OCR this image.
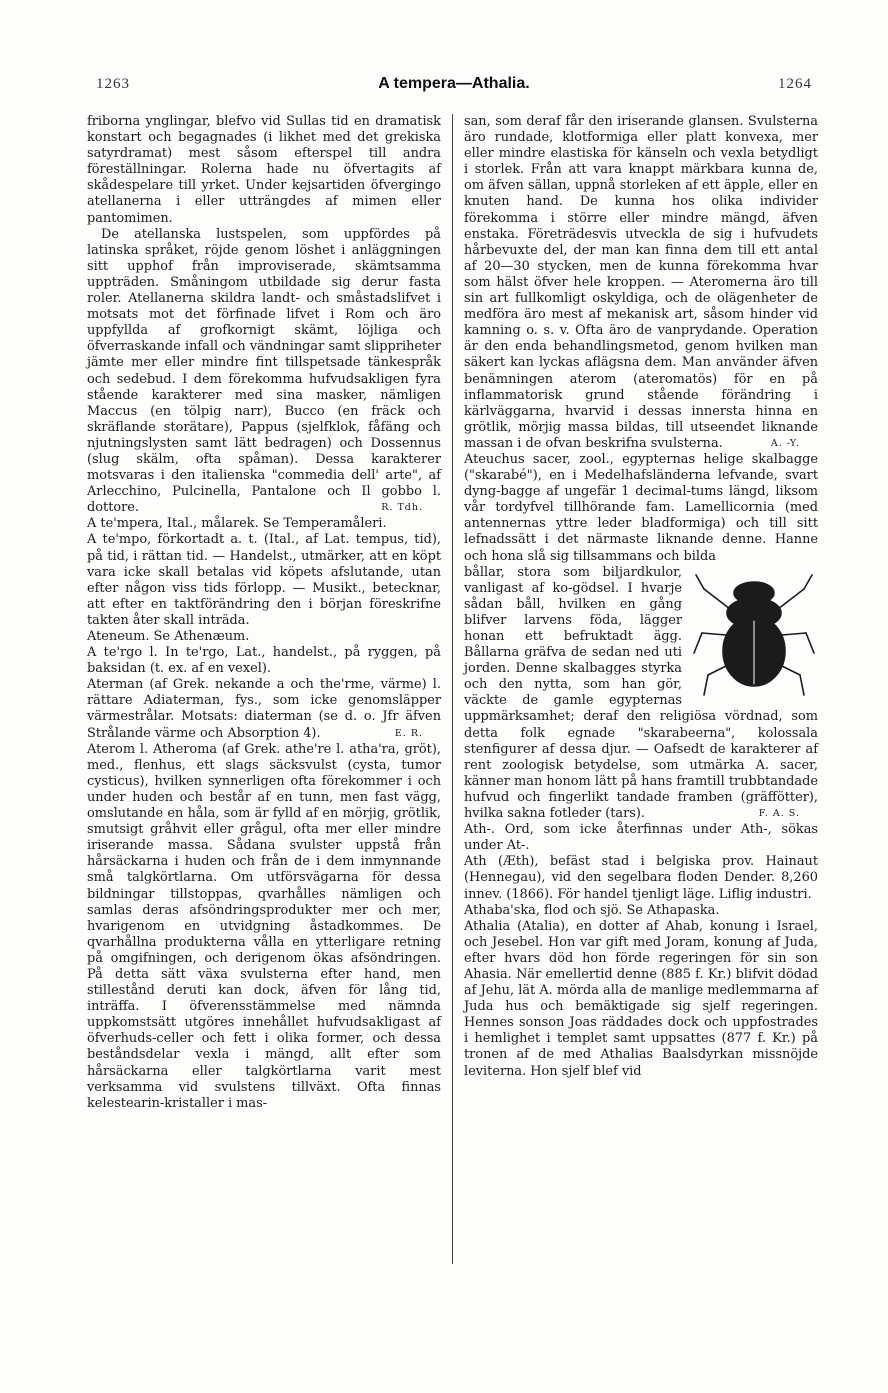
1263	A tempera—Athalia.	1264

friborna ynglingar, blefvo vid Sullas tid en dramatisk konstart och begagnades (i likhet med det grekiska satyrdramat) mest såsom efterspel till andra föreställningar. Rolerna hade nu öfvertagits af skådespelare till yrket. Under kejsartiden öfvergingo atellanerna i eller utträngdes af mimen eller pantomimen.

De atellanska lustspelen, som uppfördes på latinska språket, röjde genom löshet i anläggningen sitt upphof från improviserade, skämtsamma uppträden. Småningom utbildade sig derur fasta roler. Atellanerna skildra landt- och småstadslifvet i motsats mot det förfinade lifvet i Rom och äro uppfyllda af grofkornigt skämt, löjliga och öfverraskande infall och vändningar samt slippriheter jämte mer eller mindre fint tillspetsade tänkespråk och sedebud. I dem förekomma hufvudsakligen fyra stående karakterer med sina masker, nämligen Maccus (en tölpig narr), Bucco (en fräck och skräflande storätare), Pappus (sjelfklok, fåfäng och njutningslysten samt lätt bedragen) och Dossennus (slug skälm, ofta spåman). Dessa karakterer motsvaras i den italienska "commedia dell' arte", af Arlecchino, Pulcinella, Pantalone och Il gobbo l. dottore.	R. Tdh.

A te'mpera, Ital., målarek. Se Temperamåleri.

A te'mpo, förkortadt a. t. (Ital., af Lat. tempus, tid), på tid, i rättan tid. — Handelst., utmärker, att en köpt vara icke skall betalas vid köpets afslutande, utan efter någon viss tids förlopp. — Musikt., betecknar, att efter en taktförändring den i början föreskrifne takten åter skall inträda.

Ateneum. Se Athenæum.

A te'rgo l. In te'rgo, Lat., handelst., på ryggen, på baksidan (t. ex. af en vexel).

Aterman (af Grek. nekande a och the'rme, värme) l. rättare Adiaterman, fys., som icke genomsläpper värmestrålar. Motsats: diaterman (se d. o. Jfr äfven Strålande värme och Absorption 4).	E. R.

Aterom l. Atheroma (af Grek. athe're l. atha'ra, gröt), med., flenhus, ett slags säcksvulst (cysta, tumor cysticus), hvilken synnerligen ofta förekommer i och under huden och består af en tunn, men fast vägg, omslutande en håla, som är fylld af en mörjig, grötlik, smutsigt gråhvit eller grågul, ofta mer eller mindre iriserande massa. Sådana svulster uppstå från hårsäckarna i huden och från de i dem inmynnande små talgkörtlarna. Om utförsvägarna för dessa bildningar tillstoppas, qvarhålles nämligen och samlas deras afsöndringsprodukter mer och mer, hvarigenom en utvidgning åstadkommes. De qvarhållna produkterna vålla en ytterligare retning på omgifningen, och derigenom ökas afsöndringen. På detta sätt växa svulsterna efter hand, men stillestånd deruti kan dock, äfven för lång tid, inträffa. I öfverensstämmelse med nämnda uppkomstsätt utgöres innehållet hufvudsakligast af öfverhuds-celler och fett i olika former, och dessa beståndsdelar vexla i mängd, allt efter som hårsäckarna eller talgkörtlarna varit mest verksamma vid svulstens tillväxt. Ofta finnas kelestearin-kristaller i mas-

san, som deraf får den iriserande glansen. Svulsterna äro rundade, klotformiga eller platt konvexa, mer eller mindre elastiska för känseln och vexla betydligt i storlek. Från att vara knappt märkbara kunna de, om äfven sällan, uppnå storleken af ett äpple, eller en knuten hand. De kunna hos olika individer förekomma i större eller mindre mängd, äfven enstaka. Företrädesvis utveckla de sig i hufvudets hårbevuxte del, der man kan finna dem till ett antal af 20—30 stycken, men de kunna förekomma hvar som hälst öfver hele kroppen. — Ateromerna äro till sin art fullkomligt oskyldiga, och de olägenheter de medföra äro mest af mekanisk art, såsom hinder vid kamning o. s. v. Ofta äro de vanprydande. Operation är den enda behandlingsmetod, genom hvilken man säkert kan lyckas aflägsna dem. Man använder äfven benämningen aterom (ateromatös) för en på inflammatorisk grund stående förändring i kärlväggarna, hvarvid i dessas innersta hinna en grötlik, mörjig massa bildas, till utseendet liknande massan i de ofvan beskrifna svulsterna.	A. -Y.

Ateuchus sacer, zool., egypternas helige skalbagge ("skarabé"), en i Medelhafsländerna lefvande, svart dyng-bagge af ungefär 1 decimal-tums längd, liksom vår tordyfvel tillhörande fam. Lamellicornia (med antennernas yttre leder bladformiga) och till sitt lefnadssätt i det närmaste liknande denne. Hanne och hona slå sig tillsammans och bilda

bållar, stora som biljardkulor, vanligast af ko-gödsel. I hvarje sådan båll, hvilken en gång blifver larvens föda, lägger honan ett befruktadt ägg. Bållarna gräfva de sedan ned uti jorden. Denne skalbagges styrka och den nytta, som han gör, väckte de gamle egypternas uppmärksamhet; deraf den religiösa vördnad, som detta folk egnade "skarabeerna", kolossala stenfigurer af dessa djur. — Oafsedt de karakterer af rent zoologisk betydelse, som utmärka A. sacer, känner man honom lätt på hans framtill trubbtandade hufvud och fingerlikt tandade framben (gräffötter), hvilka sakna fotleder (tars).	F. A. S.

Ath-. Ord, som icke återfinnas under Ath-, sökas under At-.

Ath (Æth), befäst stad i belgiska prov. Hainaut (Hennegau), vid den segelbara floden Dender. 8,260 innev. (1866). För handel tjenligt läge. Liflig industri.

Athaba'ska, flod och sjö. Se Athapaska.

Athalia (Atalia), en dotter af Ahab, konung i Israel, och Jesebel. Hon var gift med Joram, konung af Juda, efter hvars död hon förde regeringen för sin son Ahasia. När emellertid denne (885 f. Kr.) blifvit dödad af Jehu, lät A. mörda alla de manlige medlemmarna af Juda hus och bemäktigade sig sjelf regeringen. Hennes sonson Joas räddades dock och uppfostrades i hemlighet i templet samt uppsattes (877 f. Kr.) på tronen af de med Athalias Baalsdyrkan missnöjde leviterna. Hon sjelf blef vid
